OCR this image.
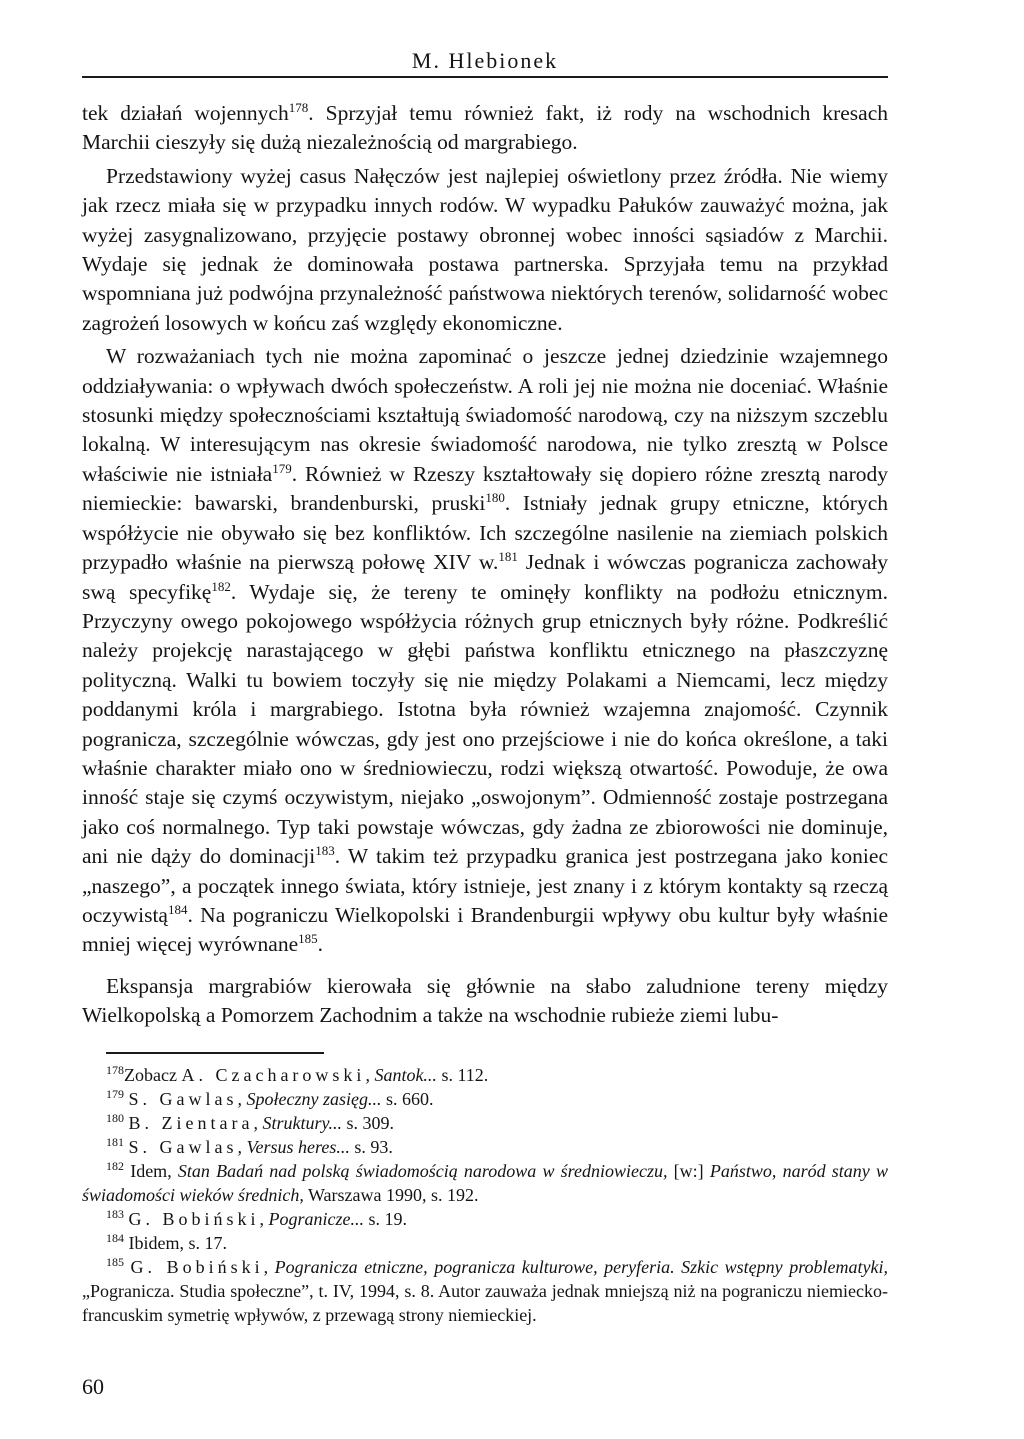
M. Hlebionek

tek działań wojennych$^{178}$. Sprzyjał temu również fakt, iż rody na wschodnich kresach Marchii cieszyły się dużą niezależnością od margrabiego.

Przedstawiony wyżej casus Nałęczów jest najlepiej oświetlony przez źródła. Nie wiemy jak rzecz miała się w przypadku innych rodów. W wypadku Pałuków zauważyć można, jak wyżej zasygnalizowano, przyjęcie postawy obronnej wobec inności sąsiadów z Marchii. Wydaje się jednak że dominowała postawa partnerska. Sprzyjała temu na przykład wspomniana już podwójna przynależność państwowa niektórych terenów, solidarność wobec zagrożeń losowych w końcu zaś względy ekonomiczne.

W rozważaniach tych nie można zapominać o jeszcze jednej dziedzinie wzajemnego oddziaływania: o wpływach dwóch społeczeństw. A roli jej nie można nie doceniać. Właśnie stosunki między społecznościami kształtują świadomość narodową, czy na niższym szczeblu lokalną. W interesującym nas okresie świadomość narodowa, nie tylko zresztą w Polsce właściwie nie istniała$^{179}$. Również w Rzeszy kształtowały się dopiero różne zresztą narody niemieckie: bawarski, brandenburski, pruski$^{180}$. Istniały jednak grupy etniczne, których współżycie nie obywało się bez konfliktów. Ich szczególne nasilenie na ziemiach polskich przypadło właśnie na pierwszą połowę XIV w.$^{181}$ Jednak i wówczas pogranicza zachowały swą specyfikę$^{182}$. Wydaje się, że tereny te ominęły konflikty na podłożu etnicznym. Przyczyny owego pokojowego współżycia różnych grup etnicznych były różne. Podkreślić należy projekcję narastającego w głębi państwa konfliktu etnicznego na płaszczyznę polityczną. Walki tu bowiem toczyły się nie między Polakami a Niemcami, lecz między poddanymi króla i margrabiego. Istotna była również wzajemna znajomość. Czynnik pogranicza, szczególnie wówczas, gdy jest ono przejściowe i nie do końca określone, a taki właśnie charakter miało ono w średniowieczu, rodzi większą otwartość. Powoduje, że owa inność staje się czymś oczywistym, niejako „oswojonym”. Odmienność zostaje postrzegana jako coś normalnego. Typ taki powstaje wówczas, gdy żadna ze zbiorowości nie dominuje, ani nie dąży do dominacji$^{183}$. W takim też przypadku granica jest postrzegana jako koniec „naszego”, a początek innego świata, który istnieje, jest znany i z którym kontakty są rzeczą oczywistą$^{184}$. Na pograniczu Wielkopolski i Brandenburgii wpływy obu kultur były właśnie mniej więcej wyrównane$^{185}$.

Ekspansja margrabiów kierowała się głównie na słabo zaludnione tereny między Wielkopolską a Pomorzem Zachodnim a także na wschodnie rubieże ziemi lubu-

$^{178}$Zobacz A. Czacharowski, Santok... s. 112.

$^{179}$ S. Gawlas, Społeczny zasięg... s. 660.

$^{180}$ B. Zientara, Struktury... s. 309.

$^{181}$ S. Gawlas, Versus heres... s. 93.

$^{182}$ Idem, Stan Badań nad polską świadomością narodowa w średniowieczu, [w:] Państwo, naród stany w świadomości wieków średnich, Warszawa 1990, s. 192.

$^{183}$ G. Bobiński, Pogranicze... s. 19.

$^{184}$ Ibidem, s. 17.

$^{185}$ G. Bobiński, Pogranicza etniczne, pogranicza kulturowe, peryferia. Szkic wstępny problematyki, „Pogranicza. Studia społeczne”, t. IV, 1994, s. 8. Autor zauważa jednak mniejszą niż na pograniczu niemiecko-francuskim symetrię wpływów, z przewagą strony niemieckiej.

60
